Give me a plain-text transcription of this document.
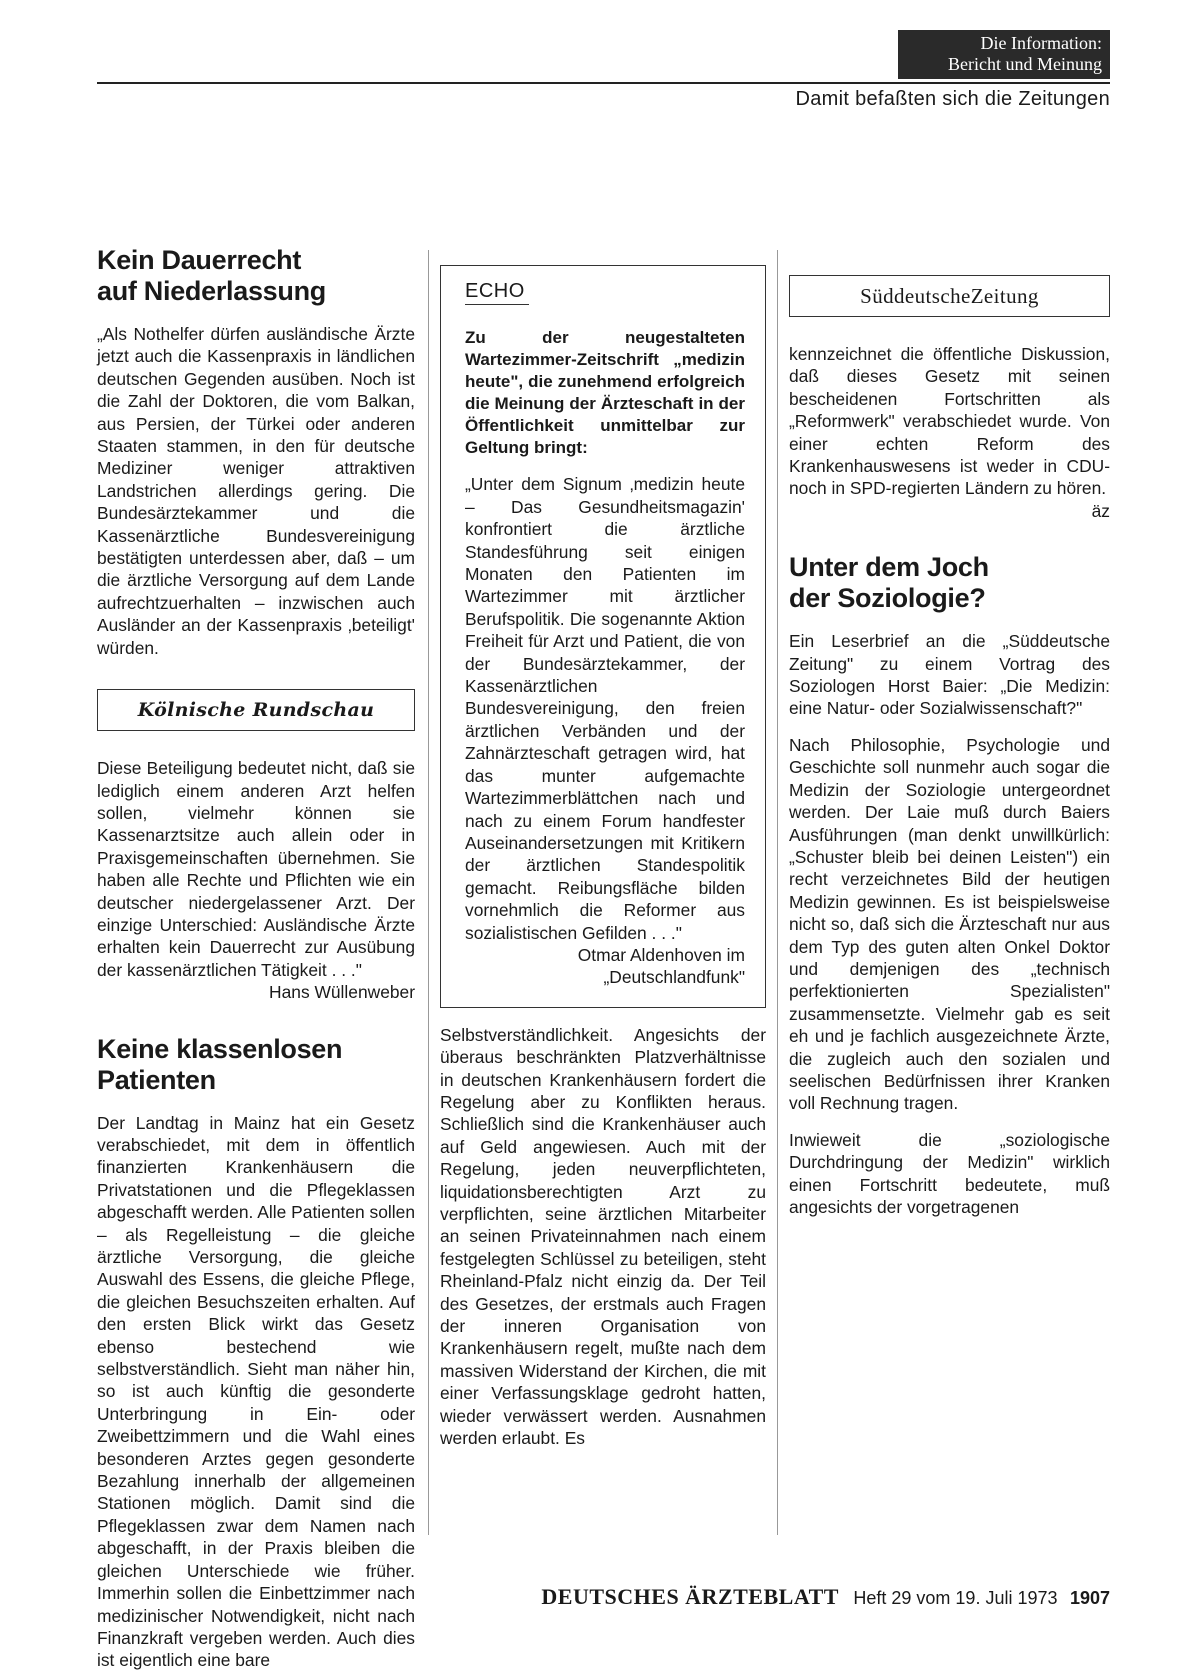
Die Information:
Bericht und Meinung
Damit befaßten sich die Zeitungen
Kein Dauerrecht
auf Niederlassung

„Als Nothelfer dürfen ausländische Ärzte jetzt auch die Kassenpraxis in ländlichen deutschen Gegenden ausüben. Noch ist die Zahl der Doktoren, die vom Balkan, aus Persien, der Türkei oder anderen Staaten stammen, in den für deutsche Mediziner weniger attraktiven Landstrichen allerdings gering. Die Bundesärztekammer und die Kassenärztliche Bundesvereinigung bestätigten unterdessen aber, daß – um die ärztliche Versorgung auf dem Lande aufrechtzuerhalten – inzwischen auch Ausländer an der Kassenpraxis ‚beteiligt' würden.

Kölnische Rundschau

Diese Beteiligung bedeutet nicht, daß sie lediglich einem anderen Arzt helfen sollen, vielmehr können sie Kassenarztsitze auch allein oder in Praxisgemeinschaften übernehmen. Sie haben alle Rechte und Pflichten wie ein deutscher niedergelassener Arzt. Der einzige Unterschied: Ausländische Ärzte erhalten kein Dauerrecht zur Ausübung der kassenärztlichen Tätigkeit . . ."

Hans Wüllenweber
Keine klassenlosen
Patienten

Der Landtag in Mainz hat ein Gesetz verabschiedet, mit dem in öffentlich finanzierten Krankenhäusern die Privatstationen und die Pflegeklassen abgeschafft werden. Alle Patienten sollen – als Regelleistung – die gleiche ärztliche Versorgung, die gleiche Auswahl des Essens, die gleiche Pflege, die gleichen Besuchszeiten erhalten. Auf den ersten Blick wirkt das Gesetz ebenso bestechend wie selbstverständlich. Sieht man näher hin, so ist auch künftig die gesonderte Unterbringung in Ein- oder Zweibettzimmern und die Wahl eines besonderen Arztes gegen gesonderte Bezahlung innerhalb der allgemeinen Stationen möglich. Damit sind die Pflegeklassen zwar dem Namen nach abgeschafft, in der Praxis bleiben die gleichen Unterschiede wie früher. Immerhin sollen die Einbettzimmer nach medizinischer Notwendigkeit, nicht nach Finanzkraft vergeben werden. Auch dies ist eigentlich eine bare

ECHO

Zu der neugestalteten Wartezimmer-Zeitschrift „medizin heute", die zunehmend erfolgreich die Meinung der Ärzteschaft in der Öffentlichkeit unmittelbar zur Geltung bringt:

„Unter dem Signum ‚medizin heute – Das Gesundheitsmagazin' konfrontiert die ärztliche Standesführung seit einigen Monaten den Patienten im Wartezimmer mit ärztlicher Berufspolitik. Die sogenannte Aktion Freiheit für Arzt und Patient, die von der Bundesärztekammer, der Kassenärztlichen Bundesvereinigung, den freien ärztlichen Verbänden und der Zahnärzteschaft getragen wird, hat das munter aufgemachte Wartezimmerblättchen nach und nach zu einem Forum handfester Auseinandersetzungen mit Kritikern der ärztlichen Standespolitik gemacht. Reibungsfläche bilden vornehmlich die Reformer aus sozialistischen Gefilden . . ."

Otmar Aldenhoven im
„Deutschlandfunk"

Selbstverständlichkeit. Angesichts der überaus beschränkten Platzverhältnisse in deutschen Krankenhäusern fordert die Regelung aber zu Konflikten heraus. Schließlich sind die Krankenhäuser auch auf Geld angewiesen. Auch mit der Regelung, jeden neuverpflichteten, liquidationsberechtigten Arzt zu verpflichten, seine ärztlichen Mitarbeiter an seinen Privateinnahmen nach einem festgelegten Schlüssel zu beteiligen, steht Rheinland-Pfalz nicht einzig da. Der Teil des Gesetzes, der erstmals auch Fragen der inneren Organisation von Krankenhäusern regelt, mußte nach dem massiven Widerstand der Kirchen, die mit einer Verfassungsklage gedroht hatten, wieder verwässert werden. Ausnahmen werden erlaubt. Es

SüddeutscheZeitung

kennzeichnet die öffentliche Diskussion, daß dieses Gesetz mit seinen bescheidenen Fortschritten als „Reformwerk" verabschiedet wurde. Von einer echten Reform des Krankenhauswesens ist weder in CDU- noch in SPD-regierten Ländern zu hören.

äz
Unter dem Joch
der Soziologie?

Ein Leserbrief an die „Süddeutsche Zeitung" zu einem Vortrag des Soziologen Horst Baier: „Die Medizin: eine Natur- oder Sozialwissenschaft?"

Nach Philosophie, Psychologie und Geschichte soll nunmehr auch sogar die Medizin der Soziologie untergeordnet werden. Der Laie muß durch Baiers Ausführungen (man denkt unwillkürlich: „Schuster bleib bei deinen Leisten") ein recht verzeichnetes Bild der heutigen Medizin gewinnen. Es ist beispielsweise nicht so, daß sich die Ärzteschaft nur aus dem Typ des guten alten Onkel Doktor und demjenigen des „technisch perfektionierten Spezialisten" zusammensetzte. Vielmehr gab es seit eh und je fachlich ausgezeichnete Ärzte, die zugleich auch den sozialen und seelischen Bedürfnissen ihrer Kranken voll Rechnung tragen.

Inwieweit die „soziologische Durchdringung der Medizin" wirklich einen Fortschritt bedeutete, muß angesichts der vorgetragenen

DEUTSCHES ÄRZTEBLATT Heft 29 vom 19. Juli 1973 1907
